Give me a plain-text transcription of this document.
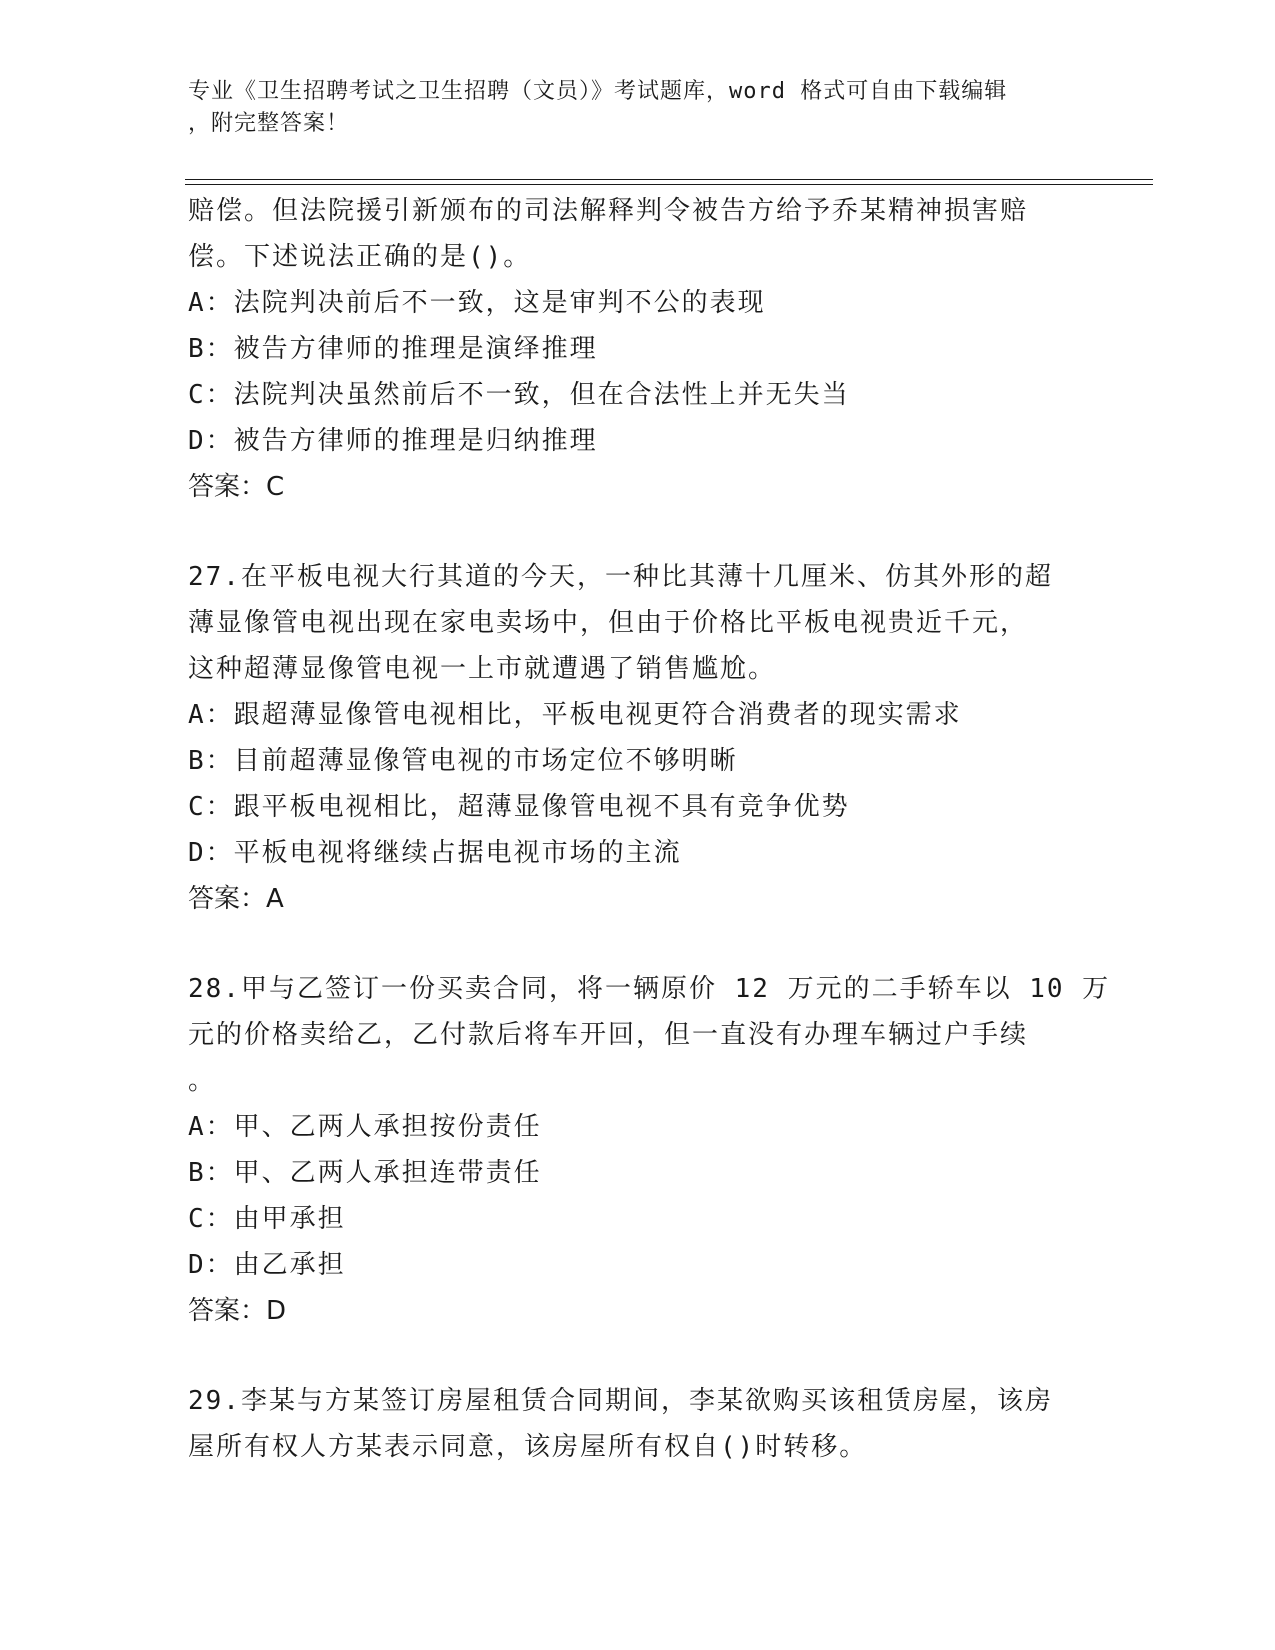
专业《卫生招聘考试之卫生招聘（文员）》考试题库，word 格式可自由下载编辑

，附完整答案！

赔偿。但法院援引新颁布的司法解释判令被告方给予乔某精神损害赔
偿。下述说法正确的是()。
A：法院判决前后不一致，这是审判不公的表现
B：被告方律师的推理是演绎推理
C：法院判决虽然前后不一致，但在合法性上并无失当
D：被告方律师的推理是归纳推理
答案：C
27.在平板电视大行其道的今天，一种比其薄十几厘米、仿其外形的超
薄显像管电视出现在家电卖场中，但由于价格比平板电视贵近千元，
这种超薄显像管电视一上市就遭遇了销售尴尬。
A：跟超薄显像管电视相比，平板电视更符合消费者的现实需求
B：目前超薄显像管电视的市场定位不够明晰
C：跟平板电视相比，超薄显像管电视不具有竞争优势
D：平板电视将继续占据电视市场的主流
答案：A
28.甲与乙签订一份买卖合同，将一辆原价 12 万元的二手轿车以 10 万
元的价格卖给乙，乙付款后将车开回，但一直没有办理车辆过户手续
。
A：甲、乙两人承担按份责任
B：甲、乙两人承担连带责任
C：由甲承担
D：由乙承担
答案：D
29.李某与方某签订房屋租赁合同期间，李某欲购买该租赁房屋，该房
屋所有权人方某表示同意，该房屋所有权自()时转移。
